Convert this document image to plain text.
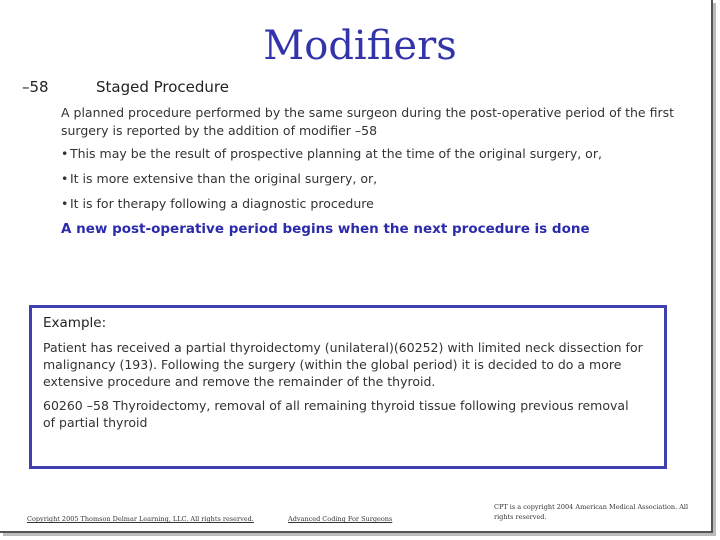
Modifiers
–58	Staged Procedure
A planned procedure performed by the same surgeon during the post-operative period of the first surgery is reported by the addition of modifier –58
• This may be the result of prospective planning at the time of the original surgery, or,
• It is more extensive than the original surgery, or,
• It is for therapy following a diagnostic procedure
A new post-operative period begins when the next procedure is done
Example:
Patient has received a partial thyroidectomy (unilateral)(60252) with limited neck dissection for malignancy (193). Following the surgery (within the global period) it is decided to do a more extensive procedure and remove the remainder of the thyroid.
60260 –58 Thyroidectomy, removal of all remaining thyroid tissue following previous removal of partial thyroid
Copyright 2005 Thomson Delmar Learning, LLC. All rights reserved.	Advanced Coding For Surgeons
CPT is a copyright 2004 American Medical Association. All rights reserved.
